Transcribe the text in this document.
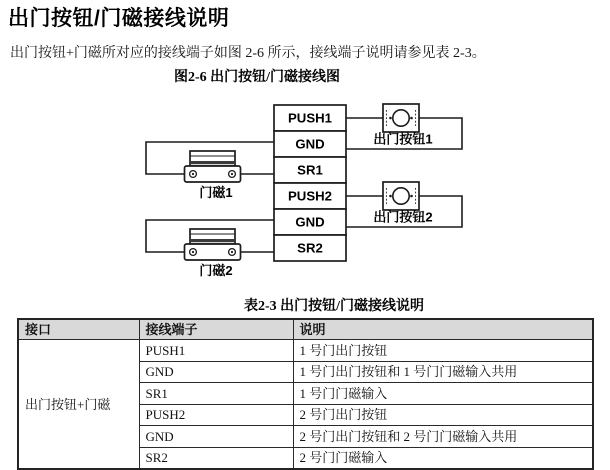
出门按钮/门磁接线说明
出门按钮+门磁所对应的接线端子如图 2-6 所示，接线端子说明请参见表 2-3。
图2-6 出门按钮/门磁接线图
PUSH1
GND
SR1
PUSH2
GND
SR2
门磁1
门磁2
出门按钮1
出门按钮2
表2-3 出门按钮/门磁接线说明
接口	接线端子	说明
出门按钮+门磁	PUSH1	1 号门出门按钮
	GND	1 号门出门按钮和 1 号门门磁输入共用
	SR1	1 号门门磁输入
	PUSH2	2 号门出门按钮
	GND	2 号门出门按钮和 2 号门门磁输入共用
	SR2	2 号门门磁输入
